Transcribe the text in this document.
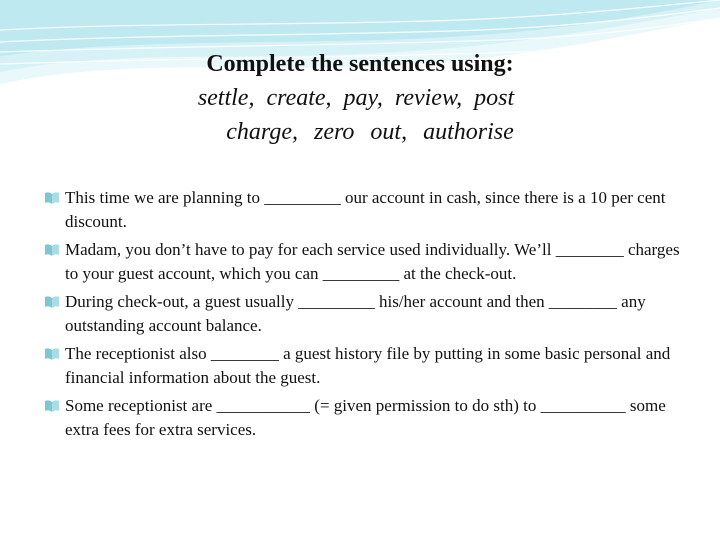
Complete the sentences using:
settle, create, pay, review, post
charge, zero out, authorise
This time we are planning to _________ our account in cash, since there is a 10 per cent discount.
Madam, you don’t have to pay for each service used individually. We’ll ________ charges to your guest account, which you can _________ at the check-out.
During check-out, a guest usually _________ his/her account and then ________ any outstanding account balance.
The receptionist also ________ a guest history file by putting in some basic personal and financial information about the guest.
Some receptionist are ___________ (= given permission to do sth) to __________ some extra fees for extra services.
